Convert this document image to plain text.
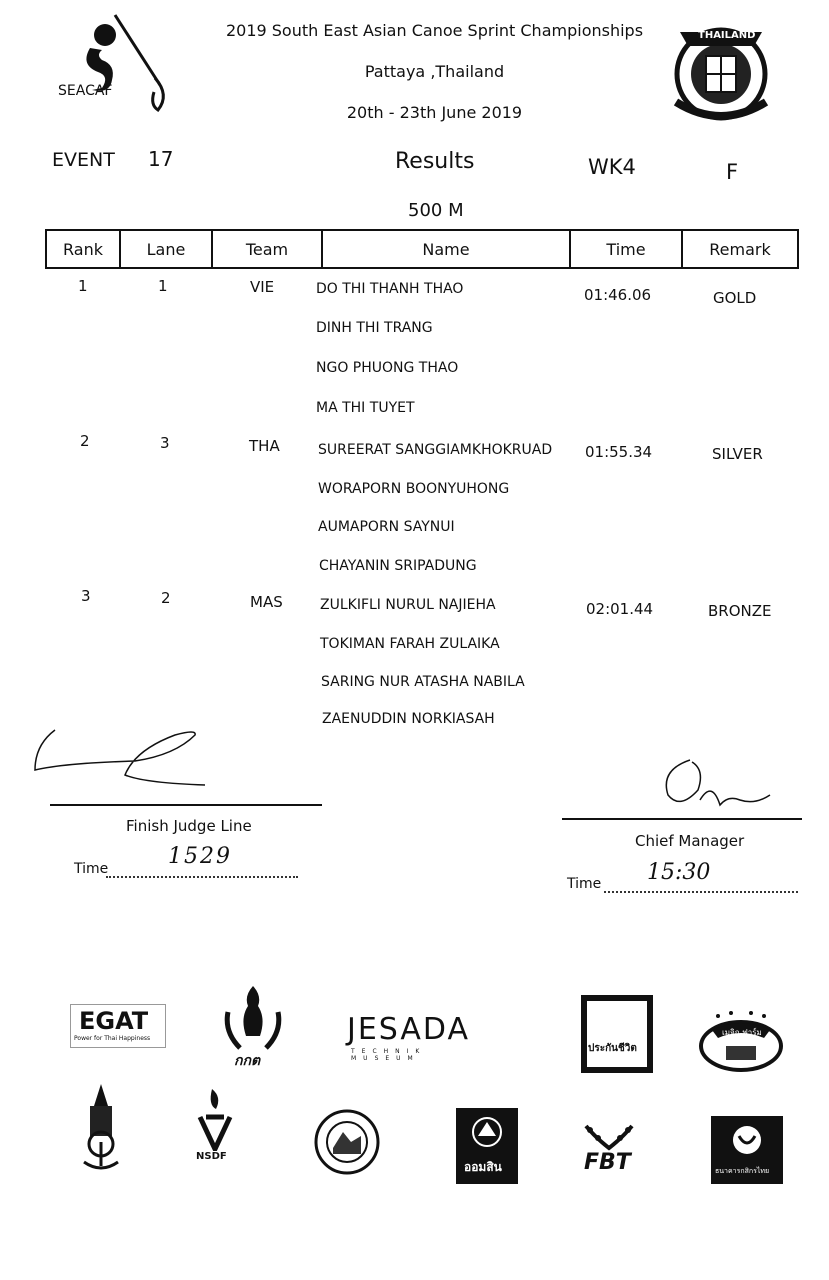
SEACAF
2019 South East Asian Canoe Sprint Championships
Pattaya ,Thailand
20th - 23th June 2019
THAILAND
EVENT 17	Results	WK4	F
500 M
Rank	Lane	Team	Name	Time	Remark
1	1	VIE	DO THI THANH THAO
DINH THI TRANG
NGO PHUONG THAO
MA THI TUYET
01:46.06	GOLD
2	3	THA	SUREERAT SANGGIAMKHOKRUAD
WORAPORN BOONYUHONG
AUMAPORN SAYNUI
CHAYANIN SRIPADUNG
01:55.34	SILVER
3	2	MAS	ZULKIFLI NURUL NAJIEHA
TOKIMAN FARAH ZULAIKA
SARING NUR ATASHA NABILA
ZAENUDDIN NORKIASAH
02:01.44	BRONZE
Finish Judge Line
Time	1529
Chief Manager
Time 15:30
EGAT
Power for Thai Happiness
กกต
JESADA
TECHNIK MUSEUM
ประกันชีวิต
เมจิก ฟาร์ม
NSDF
ออมสิน	FBT	ธนาคารกสิกรไทย
